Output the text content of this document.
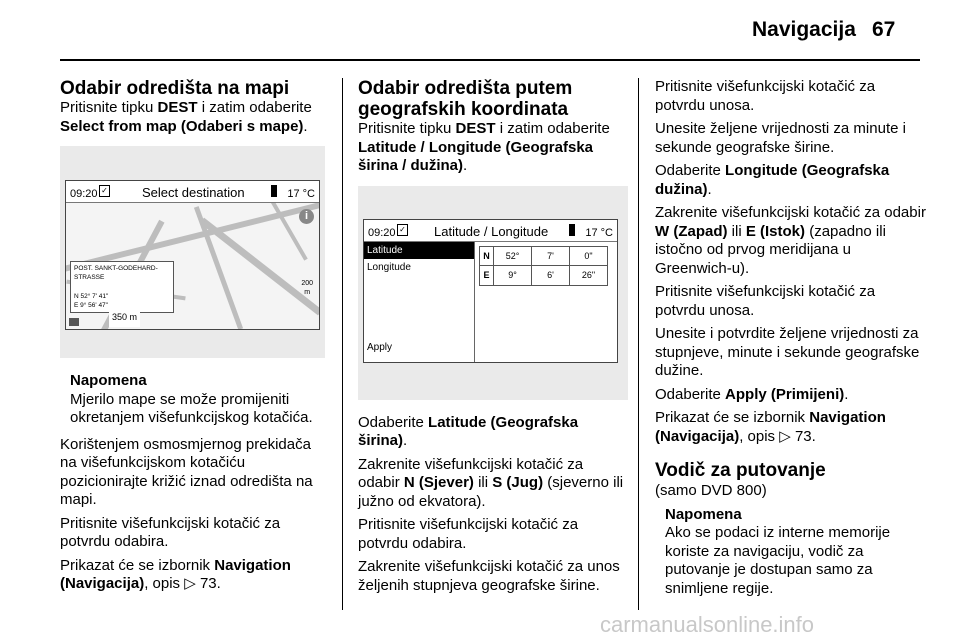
Navigacija 67
Odabir odredišta na mapi

Pritisnite tipku DEST i zatim odaberite Select from map (Odaberi s mape).

09:20 ✓	Select destination	17 °C
i
POST. SANKT-GODEHARD-STRASSE
N 52° 7' 41"
E 9° 56' 47"
200
m
350 m
Napomena
Mjerilo mape se može promijeniti okretanjem višefunkcijskog kotačića.

Korištenjem osmosmjernog prekidača na višefunkcijskom kotačiću pozicionirajte križić iznad odredišta na mapi.

Pritisnite višefunkcijski kotačić za potvrdu odabira.

Prikazat će se izbornik Navigation (Navigacija), opis ▷ 73.

Odabir odredišta putem geografskih koordinata

Pritisnite tipku DEST i zatim odaberite Latitude / Longitude (Geografska širina / dužina).

09:20 ✓ Latitude / Longitude	17 °C
Latitude
Longitude
Apply
N	52°	7'	0"
E	9°	6'	26"

Odaberite Latitude (Geografska širina).

Zakrenite višefunkcijski kotačić za odabir N (Sjever) ili S (Jug) (sjeverno ili južno od ekvatora).

Pritisnite višefunkcijski kotačić za potvrdu odabira.

Zakrenite višefunkcijski kotačić za unos željenih stupnjeva geografske širine.

Pritisnite višefunkcijski kotačić za potvrdu unosa.

Unesite željene vrijednosti za minute i sekunde geografske širine.

Odaberite Longitude (Geografska dužina).

Zakrenite višefunkcijski kotačić za odabir W (Zapad) ili E (Istok) (zapadno ili istočno od prvog meridijana u Greenwich-u).

Pritisnite višefunkcijski kotačić za potvrdu unosa.

Unesite i potvrdite željene vrijednosti za stupnjeve, minute i sekunde geografske dužine.

Odaberite Apply (Primijeni).

Prikazat će se izbornik Navigation (Navigacija), opis ▷ 73.

Vodič za putovanje

(samo DVD 800)

Napomena
Ako se podaci iz interne memorije koriste za navigaciju, vodič za putovanje je dostupan samo za snimljene regije.
carmanualsonline.info
